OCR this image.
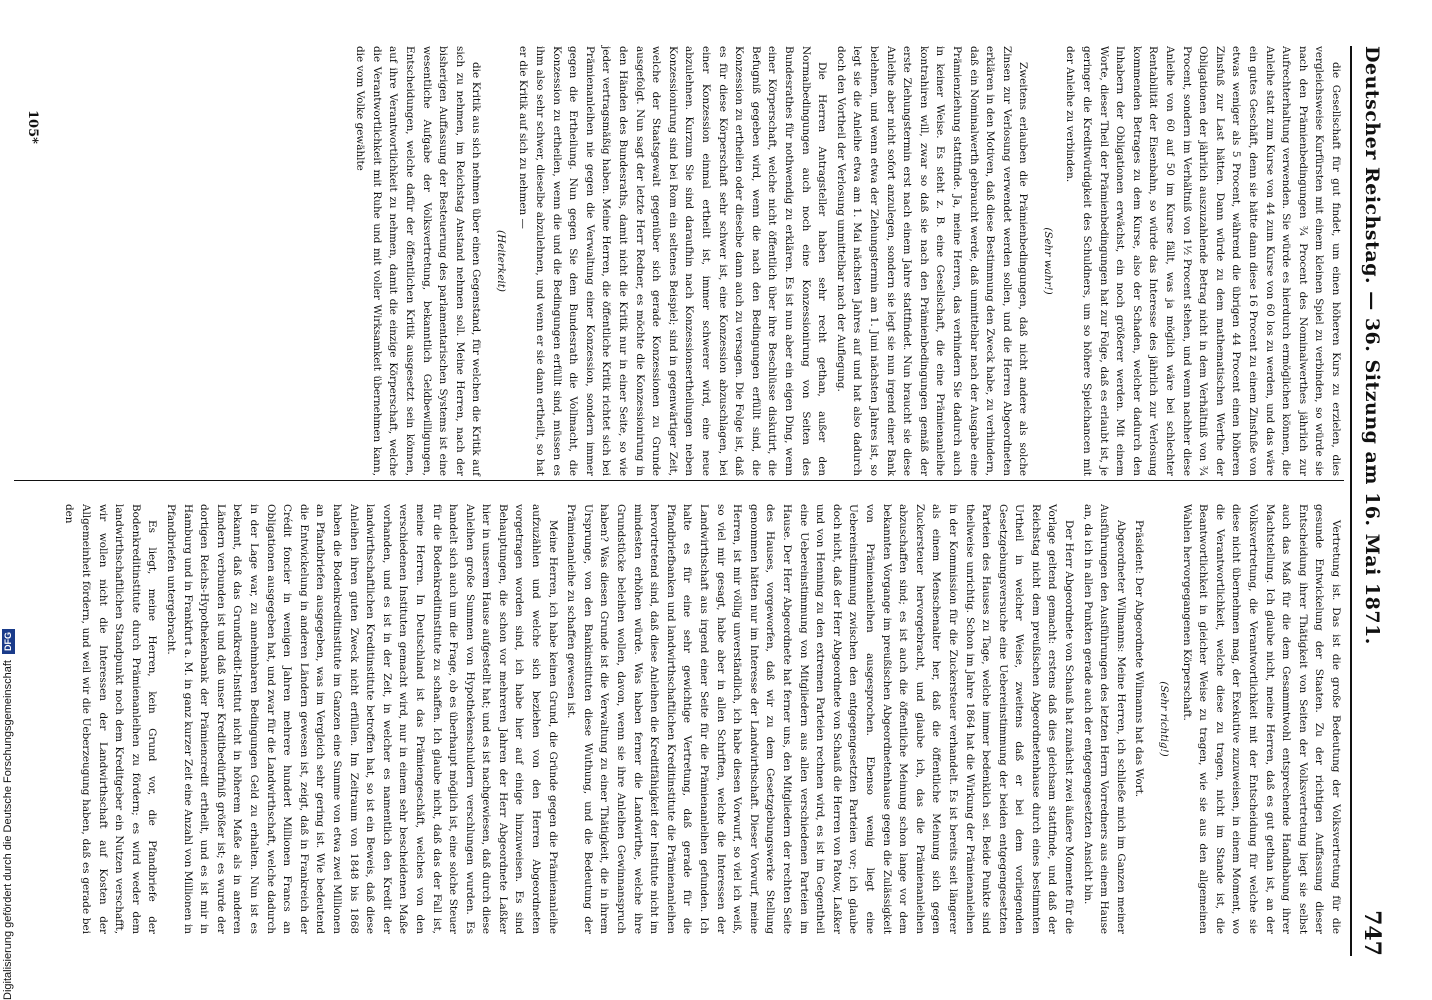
Deutscher Reichstag. — 36. Sitzung am 16. Mai 1871.
747

die Gesellschaft für gut findet, um einen höheren Kurs zu erzielen, dies vergleichsweise Kurfürsten mit einem kleinen Spiel zu verbinden, so würde sie nach den Prämienbedingungen ¾ Procent des Nominalwerthes jährlich zur Aufrechterhaltung verwenden. Sie würde es hierdurch ermöglichen können, die Anleihe statt zum Kurse von 44 zum Kurse von 60 los zu werden, und das wäre ein gutes Geschäft, denn sie hätte dann diese 16 Procent zu einem Zinsfuße von etwas weniger als 5 Procent, während die übrigen 44 Procent einen höheren Zinsfuß zur Last hätten. Dann würde zu dem mathematischen Werthe der Obligationen der jährlich auszuzahlende Betrag nicht in dem Verhältniß von ¾ Procent, sondern im Verhältniß von 1½ Procent stehen, und wenn nachher diese Anleihe von 60 auf 50 im Kurse fällt, was ja möglich wäre bei schlechter Rentabilität der Eisenbahn, so würde das Interesse des jährlich zur Verlosung kommenden Betrages zu dem Kurse, also der Schaden, welcher dadurch den Inhabern der Obligationen erwächst, ein noch größerer werden. Mit einem Worte, dieser Theil der Prämienbedingungen hat zur Folge, daß es erlaubt ist, je geringer die Kreditwürdigkeit des Schuldners, um so höhere Spielchancen mit der Anleihe zu verbinden.

(Sehr wahr!)

Zweitens erlauben die Prämienbedingungen, daß nicht andere als solche Zinsen zur Verlosung verwendet werden sollen, und die Herren Abgeordneten erklären in den Motiven, daß diese Bestimmung den Zweck habe, zu verhindern, daß ein Nominalwerth gebraucht werde, daß unmittelbar nach der Ausgabe eine Prämienziehung stattfinde. Ja, meine Herren, das verhindern Sie dadurch auch in keiner Weise. Es steht z. B. eine Gesellschaft, die eine Prämienanleihe kontrahiren will, zwar so daß sie nach den Prämienbedingungen gemäß der erste Ziehungstermin erst nach einem Jahre stattfindet. Nun braucht sie diese Anleihe aber nicht sofort anzulegen, sondern sie legt sie nun irgend einer Bank belehnen, und wenn etwa der Ziehungstermin am 1. Juni nächsten Jahres ist, so legt sie die Anleihe etwa am 1. Mai nächsten Jahres auf und hat also dadurch doch den Vortheil der Verlosung unmittelbar nach der Auflegung.

Die Herren Antragsteller haben sehr recht gethan, außer den Normalbedingungen auch noch eine Konzessionirung von Seiten des Bundesrathes für nothwendig zu erklären. Es ist nun aber ein eigen Ding, wenn einer Körperschaft, welche nicht öffentlich über ihre Beschlüsse diskutirt, die Befugniß gegeben wird, wenn die nach den Bedingungen erfüllt sind, die Konzession zu ertheilen oder dieselbe dann auch zu versagen. Die Folge ist, daß es für diese Körperschaft sehr schwer ist, eine Konzession abzuschlagen, bei einer Konzession einmal ertheilt ist, immer schwerer wird, eine neue abzulehnen. Kurzum Sie sind daraufhin nach Konzessionsertheilungen neben Konzessionirung sind bei Rom ein seltenes Beispiel; sind in gegenwärtiger Zeit, welche der Staatsgewalt gegenüber sich gerade Konzessionen zu Grunde ausgefolgt. Nun sagt der letzte Herr Redner, es möchte die Konzessionirung in den Händen des Bundesraths, damit nicht die Kritik nur in einer Seite, so wie jeder vertragsmäßig haben. Meine Herren, die öffentliche Kritik richtet sich bei Prämienanleihen nie gegen die Verwaltung einer Konzession, sondern immer gegen die Ertheilung. Nun gegen Sie dem Bundesrath die Vollmacht, die Konzession zu ertheilen, wenn die und die Bedingungen erfüllt sind, müssen es ihm also sehr schwer, dieselbe abzulehnen, und wenn er sie dann ertheilt, so hat er die Kritik auf sich zu nehmen —

(Heiterkeit)

die Kritik aus sich nehmen über einen Gegenstand, für welchen die Kritik auf sich zu nehmen, im Reichstag Anstand nehmen soll. Meine Herren, nach der bisherigen Auffassung der Besteuerung des parlamentarischen Systems ist eine wesentliche Aufgabe der Volksvertretung, bekanntlich Geldbewilligungen, Entscheidungen, welche dafür der öffentlichen Kritik ausgesetzt sein können, auf ihre Verantwortlichkeit zu nehmen, damit die einzige Körperschaft, welche die Verantwortlichkeit mit Ruhe und mit voller Wirksamkeit übernehmen kann, die vom Volke gewählte

Vertretung ist. Das ist die große Bedeutung der Volksvertretung für die gesunde Entwickelung der Staaten. Zu der richtigen Auffassung dieser Entscheidung ihrer Thätigkeit von Seiten der Volksvertretung liegt sie selbst auch das Maß für die dem Gesammtwohl entsprechende Handhabung ihrer Machtstellung. Ich glaube nicht, meine Herren, daß es gut gethan ist, an der Volksvertretung, die Verantwortlichkeit mit der Entscheidung für welche sie diese nicht übernehmen mag, der Exekutive zuzuweisen, in einem Moment, wo die Verantwortlichkeit, welche diese zu tragen, nicht im Stande ist, die Beantwortlichkeit in gleicher Weise zu tragen, wie sie aus den allgemeinen Wahlen hervorgegangenen Körperschaft.

(Sehr richtig!)

Präsident: Der Abgeordnete Wilmanns hat das Wort.

Abgeordneter Wilmanns: Meine Herren, ich schließe mich im Ganzen meiner Ausführungen den Ausführungen des letzten Herrn Vorredners aus einem Hause an, da ich in allen Punkten gerade auch der entgegengesetzten Ansicht bin.

Der Herr Abgeordnete von Schauß hat zunächst zwei äußere Momente für die Vorlage geltend gemacht: erstens daß dies gleichsam stattfinde, und daß der Reichstag nicht dem preußischen Abgeordnetenhause durch eines bestimmten Urtheil in welcher Weise, zweitens daß er bei dem vorliegenden Gesetzgebungsversuche eine Uebereinstimmung der beiden entgegengesetzten Parteien des Hauses zu Tage, welche immer bedenklich sei. Beide Punkte sind theilweise unrichtig. Schon im Jahre 1864 hat die Wirkung der Prämienanleihen in der Kommission für die Zuckersteuer verhandelt. Es ist bereits seit längerer als einem Menschenalter her, daß die öffentliche Meinung sich gegen Zuckersteuer hervorgebracht, und glaube ich, das die Prämienanleihen abzuschaffen sind; es ist auch die öffentliche Meinung schon lange vor dem bekannten Vorgange im preußischen Abgeordnetenhause gegen die Zulässigkeit von Prämienanleihen ausgesprochen. Ebenso wenig liegt eine Uebereinstimmung zwischen den entgegengesetzten Parteien vor; ich glaube doch nicht, daß der Herr Abgeordnete von Schauß die Herren von Patow, Laßker und von Henning zu den extremen Parteien rechnen wird, es ist im Gegentheil eine Uebereinstimmung von Mitgliedern aus allen verschiedenen Parteien im Hause. Der Herr Abgeordnete hat ferner uns, den Mitgliedern der rechten Seite des Hauses, vorgeworfen, daß wir zu dem Gesetzgebungswerke Stellung genommen hätten nur im Interesse der Landwirthschaft. Dieser Vorwurf, meine Herren, ist mir völlig unverständlich, ich habe diesen Vorwurf, so viel ich weiß, so viel mir gesagt, habe aber in allen Schriften, welche die Interessen der Landwirthschaft aus irgend einer Seite für die Prämienanleihen gefunden. Ich halte es für eine sehr gewichtige Vertretung, daß gerade für die Pfandbriefbanken und landwirthschaftlichen Kreditinstitute die Prämienanleihen hervortretend sind, daß diese Anleihen die Kreditfähigkeit der Institute nicht im mindesten erhöhen würde. Was haben ferner die Landwirthe, welche ihre Grundstücke beleihen wollen, davon, wenn sie ihre Anleihen Gewinnanspruch haben? Was diesen Grunde ist die Verwaltung zu einer Thätigkeit, die in ihrem Ursprunge, von den Bankinstituten diese Wuthung, und die Bedeutung der Prämienanleihe zu schaffen gewesen ist.

Meine Herren, ich habe keinen Grund, die Gründe gegen die Prämienanleihe aufzuzählen und welche sich beziehen von den Herren Abgeordneten vorgetragen worden sind, ich habe hier auf einige hinzuweisen. Es sind Behauptungen, die schon vor mehreren Jahren der Herr Abgeordnete Laßker hier in unserem Hause aufgestellt hat; und es ist nachgewiesen, daß durch diese Anleihen große Summen von Hypothekenschuldern verschlungen wurden. Es handelt sich auch um die Frage, ob es überhaupt möglich ist, eine solche Steuer für die Bodenkreditinstitute zu schaffen. Ich glaube nicht, daß das der Fall ist, meine Herren. In Deutschland ist das Prämiengeschäft, welches von den verschiedenen Instituten gemacht wird, nur in einem sehr bescheidenen Maße vorhanden, und es ist in der Zeit, in welcher es namentlich den Kredit der landwirthschaftlichen Kreditinstitute betroffen hat, so ist ein Beweis, daß diese Anleihen ihren guten Zweck nicht erfüllen. Im Zeitraum von 1848 bis 1868 haben die Bodenkreditinstitute im Ganzen eine Summe von etwa zwei Millionen an Pfandbriefen ausgegeben, was im Vergleich sehr gering ist. Wie bedeutend die Entwickelung in anderen Ländern gewesen ist, zeigt, daß in Frankreich der Crédit foncier in wenigen Jahren mehrere hundert Millionen Francs an Obligationen ausgegeben hat, und zwar für die Landwirthschaft, welche dadurch in der Lage war, zu annehmbaren Bedingungen Geld zu erhalten. Nun ist es bekannt, daß das Grundkredit-Institut nicht in höherem Maße als in anderen Ländern verbunden ist und daß unser Kreditbedürfniß größer ist; es wurde der dortigen Reichs-Hypothekenbank der Prämiencredit ertheilt, und es ist mir in Hamburg und in Frankfurt a. M. in ganz kurzer Zeit eine Anzahl von Millionen in Pfandbriefen untergebracht.

Es liegt, meine Herren, kein Grund vor, die Pfandbriefe der Bodenkreditinstitute durch Prämienanleihen zu fördern; es wird weder dem landwirthschaftlichen Standpunkt noch dem Kreditgeber ein Nutzen verschafft, wir wollen nicht die Interessen der Landwirthschaft auf Kosten der Allgemeinheit fördern, und weil wir die Ueberzeugung haben, daß es gerade bei den

105*
Digitalisierung gefördert durch die Deutsche Forschungsgemeinschaft
DFG
